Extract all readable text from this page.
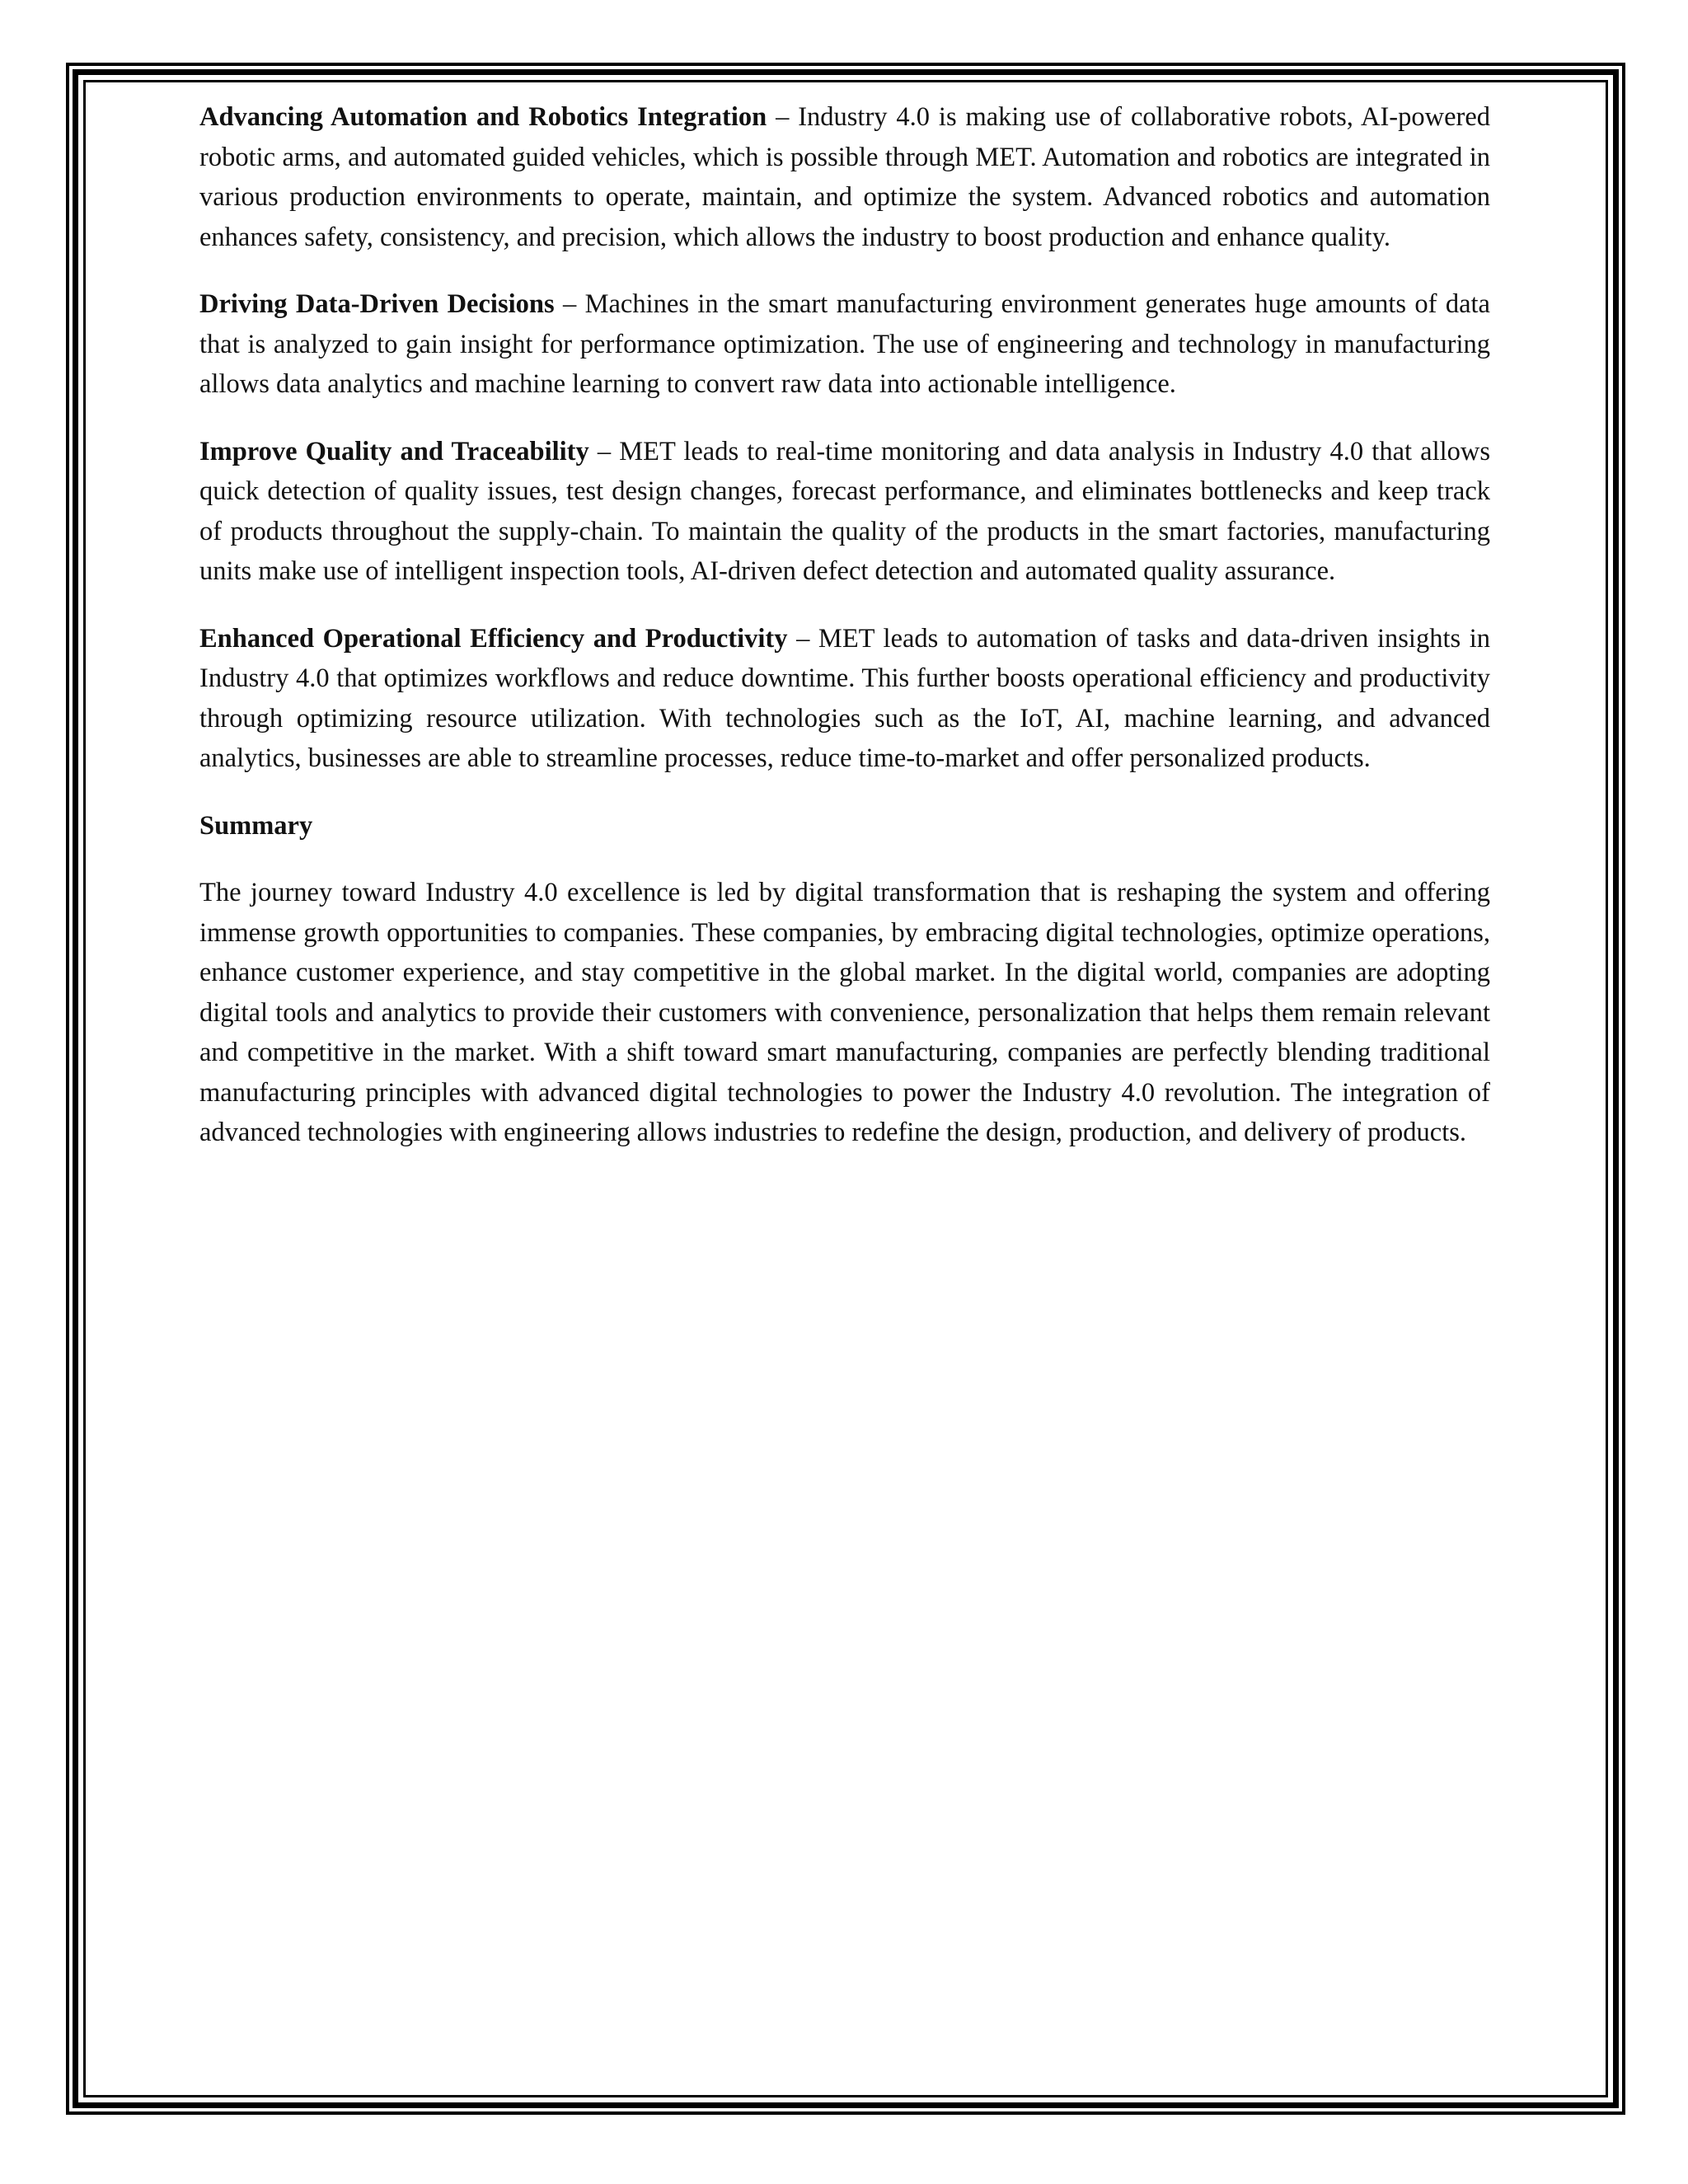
Advancing Automation and Robotics Integration – Industry 4.0 is making use of collaborative robots, AI-powered robotic arms, and automated guided vehicles, which is possible through MET. Automation and robotics are integrated in various production environments to operate, maintain, and optimize the system. Advanced robotics and automation enhances safety, consistency, and precision, which allows the industry to boost production and enhance quality.

Driving Data-Driven Decisions – Machines in the smart manufacturing environment generates huge amounts of data that is analyzed to gain insight for performance optimization. The use of engineering and technology in manufacturing allows data analytics and machine learning to convert raw data into actionable intelligence.

Improve Quality and Traceability – MET leads to real-time monitoring and data analysis in Industry 4.0 that allows quick detection of quality issues, test design changes, forecast performance, and eliminates bottlenecks and keep track of products throughout the supply-chain. To maintain the quality of the products in the smart factories, manufacturing units make use of intelligent inspection tools, AI-driven defect detection and automated quality assurance.

Enhanced Operational Efficiency and Productivity – MET leads to automation of tasks and data-driven insights in Industry 4.0 that optimizes workflows and reduce downtime. This further boosts operational efficiency and productivity through optimizing resource utilization. With technologies such as the IoT, AI, machine learning, and advanced analytics, businesses are able to streamline processes, reduce time-to-market and offer personalized products.

Summary

The journey toward Industry 4.0 excellence is led by digital transformation that is reshaping the system and offering immense growth opportunities to companies. These companies, by embracing digital technologies, optimize operations, enhance customer experience, and stay competitive in the global market. In the digital world, companies are adopting digital tools and analytics to provide their customers with convenience, personalization that helps them remain relevant and competitive in the market. With a shift toward smart manufacturing, companies are perfectly blending traditional manufacturing principles with advanced digital technologies to power the Industry 4.0 revolution. The integration of advanced technologies with engineering allows industries to redefine the design, production, and delivery of products.
